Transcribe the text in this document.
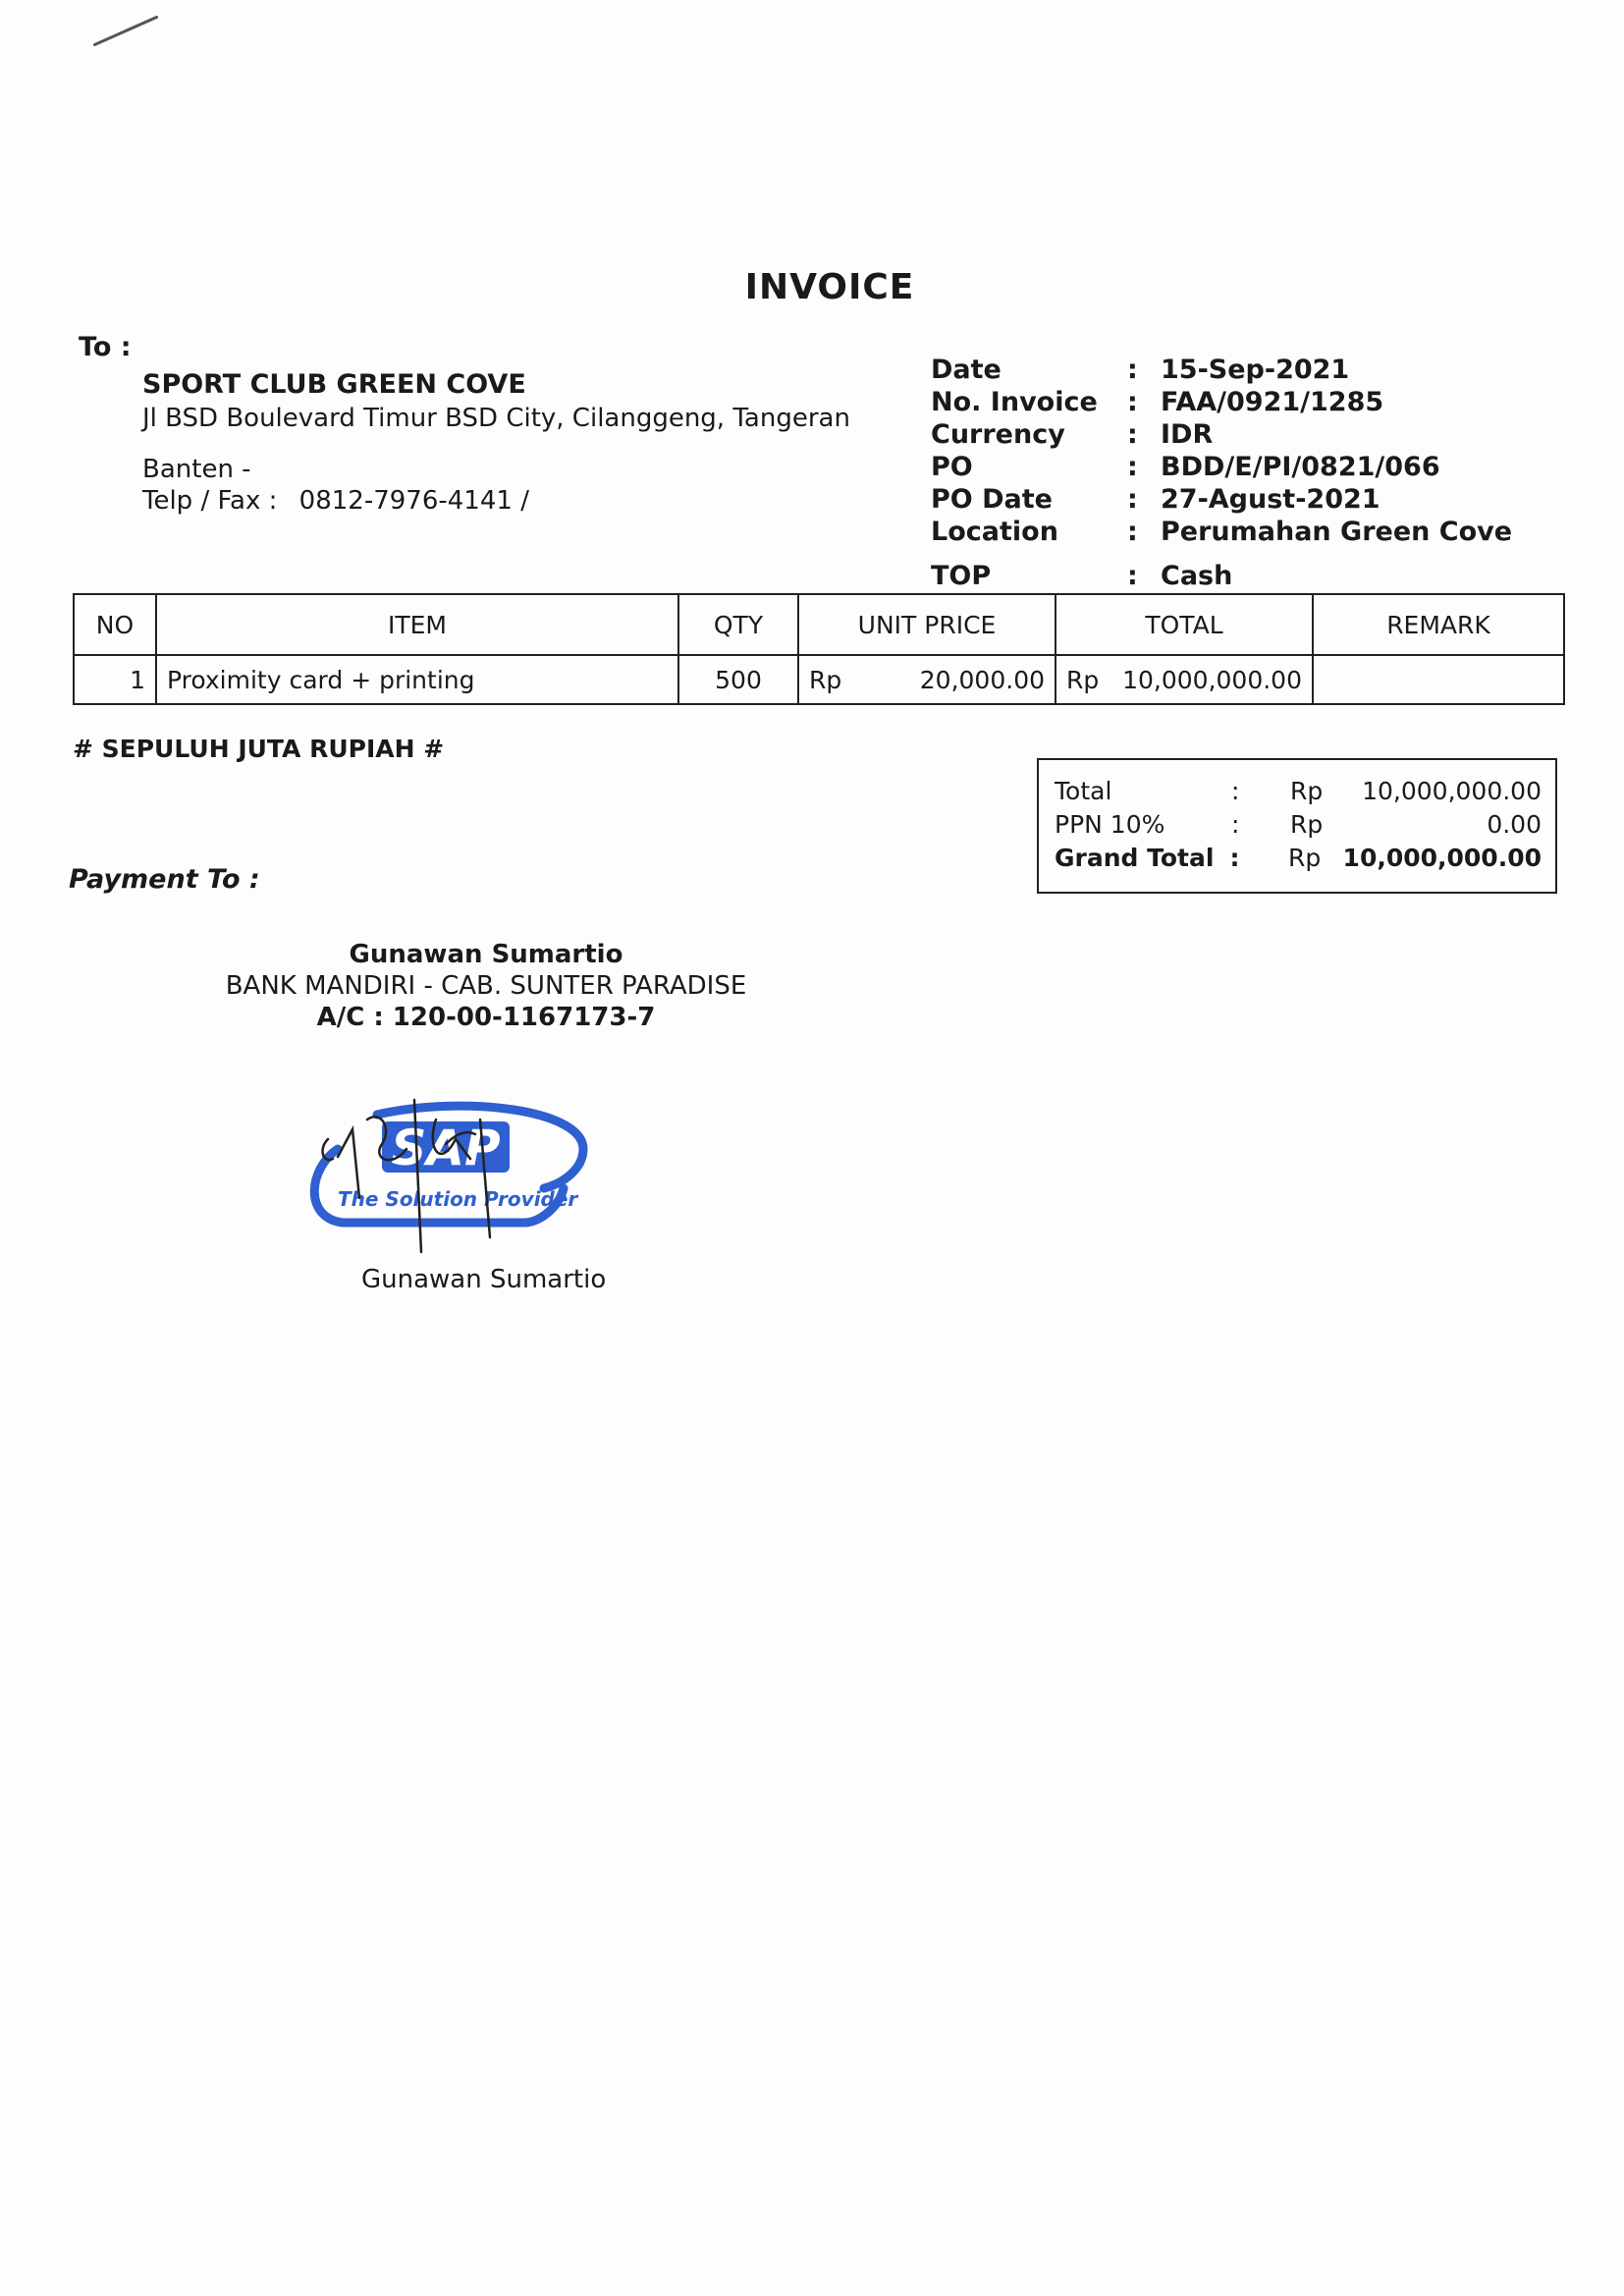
INVOICE
To :
SPORT CLUB GREEN COVE
Jl BSD Boulevard Timur BSD City, Cilanggeng, Tangeran
Banten -
Telp / Fax : 0812-7976-4141 /
Date	: 15-Sep-2021
No. Invoice	: FAA/0921/1285
Currency	: IDR
PO	: BDD/E/PI/0821/066
PO Date	: 27-Agust-2021
Location	: Perumahan Green Cove
TOP	: Cash
NO	ITEM	QTY	UNIT PRICE	TOTAL	REMARK
1	Proximity card + printing	500	Rp 20,000.00	Rp 10,000,000.00	

# SEPULUH JUTA RUPIAH #
Total	:	Rp	10,000,000.00
PPN 10%	:	Rp	0.00
Grand Total :	Rp 10,000,000.00
Payment To :
Gunawan Sumartio
BANK MANDIRI - CAB. SUNTER PARADISE
A/C : 120-00-1167173-7
SAP
The Solution Provider
Gunawan Sumartio
